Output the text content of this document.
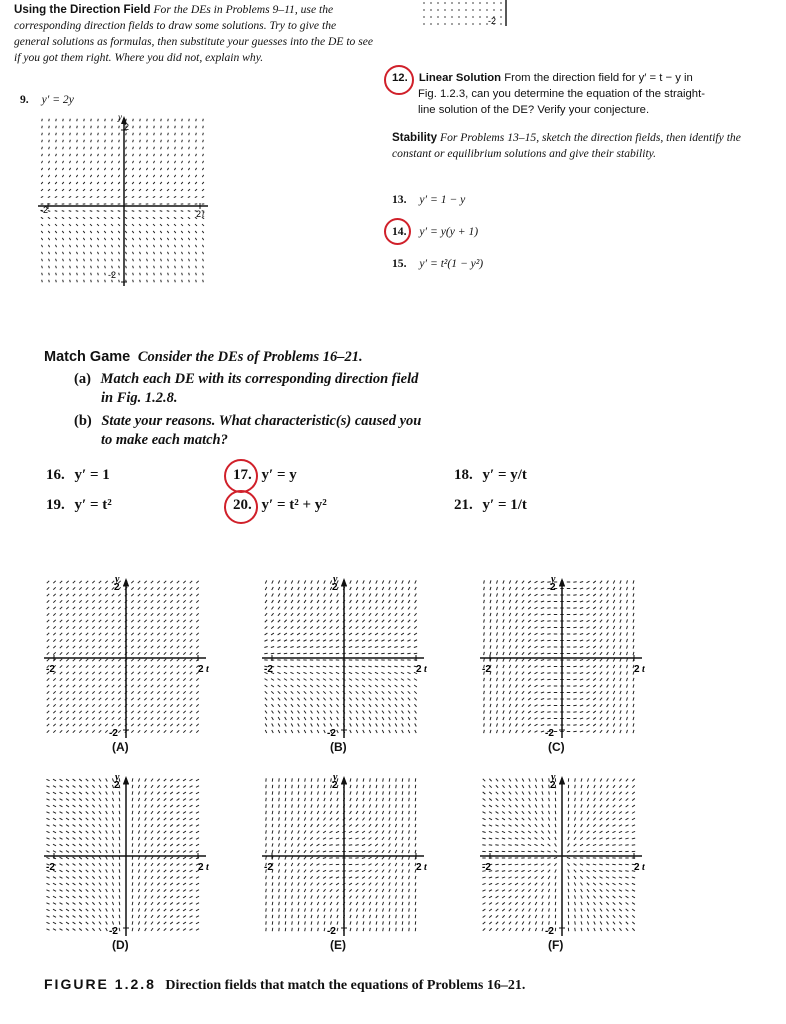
Using the Direction Field For the DEs in Problems 9–11, use the corresponding direction fields to draw some solutions. Try to give the general solutions as formulas, then substitute your guesses into the DE to see if you got them right. Where you did not, explain why.
9. y′ = 2y
2
-2
2
-2	t
y
-2
12. Linear Solution From the direction field for y′ = t − y in
Fig. 1.2.3, can you determine the equation of the straight-
line solution of the DE? Verify your conjecture.
Stability For Problems 13–15, sketch the direction fields, then identify the constant or equilibrium solutions and give their stability.
13. y′ = 1 − y
14. y′ = y(y + 1)
15. y′ = t²(1 − y²)
Match Game Consider the DEs of Problems 16–21.
(a) Match each DE with its corresponding direction field
in Fig. 1.2.8.
(b) State your reasons. What characteristic(s) caused you
to make each match?
16. y′ = 1	17. y′ = y	18. y′ = y/t
19. y′ = t²	20. y′ = t² + y²	21. y′ = 1/t
2
-2
2
-2	t
y
(A)
2
-2
2
-2	t
y
(B)
2
-2
2
-2	t
y
(C)
2
-2
2
-2	t
y
(D)
2
-2
2
-2	t
y
(E)
2
-2
2
-2	t
y
(F)
FIGURE 1.2.8 Direction fields that match the equations of Problems 16–21.
